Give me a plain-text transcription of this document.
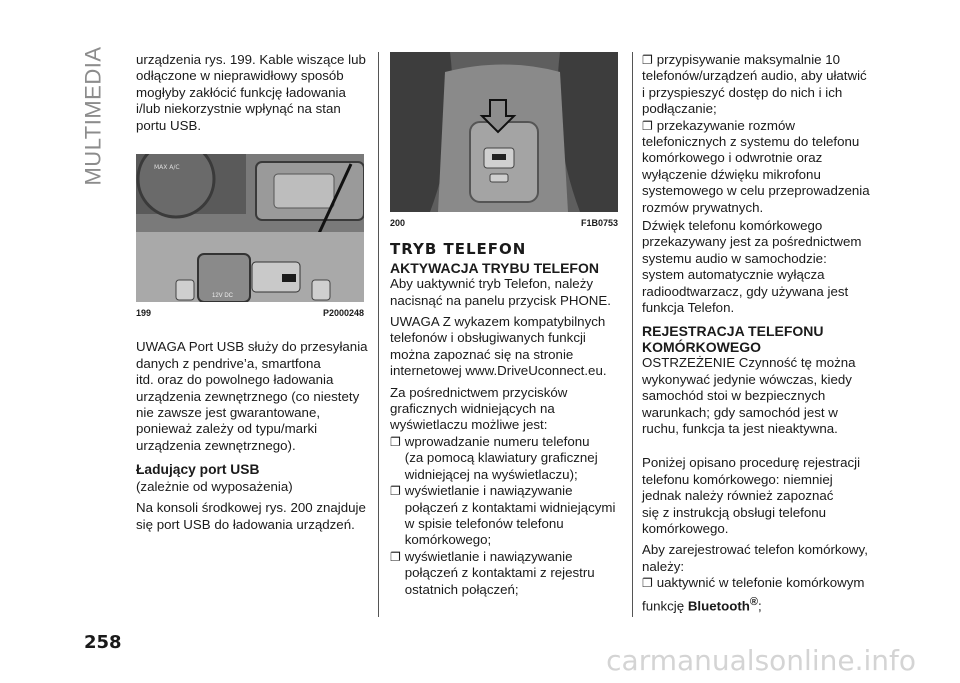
MULTIMEDIA urządzenia rys. 199. Kable wiszące lub
odłączone w nieprawidłowy sposób
mogłyby zakłócić funkcję ładowania
i/lub niekorzystnie wpłynąć na stan
portu USB.

MAX A/C
12V DC
199	P2000248

UWAGA Port USB służy do przesyłania
danych z pendrive’a, smartfona
itd. oraz do powolnego ładowania
urządzenia zewnętrznego (co niestety
nie zawsze jest gwarantowane,
ponieważ zależy od typu/marki
urządzenia zewnętrznego).

Ładujący port USB

(zależnie od wyposażenia)

Na konsoli środkowej rys. 200 znajduje
się port USB do ładowania urządzeń.

200	F1B0753
TRYB TELEFON
AKTYWACJA TRYBU TELEFON

Aby uaktywnić tryb Telefon, należy
nacisnąć na panelu przycisk PHONE.

UWAGA Z wykazem kompatybilnych
telefonów i obsługiwanych funkcji
można zapoznać się na stronie
internetowej www.DriveUconnect.eu.

Za pośrednictwem przycisków
graficznych widniejących na
wyświetlaczu możliwe jest:

❐ wprowadzanie numeru telefonu
(za pomocą klawiatury graficznej
widniejącej na wyświetlaczu);
❐ wyświetlanie i nawiązywanie
połączeń z kontaktami widniejącymi
w spisie telefonów telefonu
komórkowego;
❐ wyświetlanie i nawiązywanie
połączeń z kontaktami z rejestru
ostatnich połączeń;
❐ przypisywanie maksymalnie 10

telefonów/urządzeń audio, aby ułatwić
i przyspieszyć dostęp do nich i ich
podłączanie;

❐ przekazywanie rozmów

telefonicznych z systemu do telefonu
komórkowego i odwrotnie oraz
wyłączenie dźwięku mikrofonu
systemowego w celu przeprowadzenia
rozmów prywatnych.

Dźwięk telefonu komórkowego
przekazywany jest za pośrednictwem
systemu audio w samochodzie:
system automatycznie wyłącza
radioodtwarzacz, gdy używana jest
funkcja Telefon.

REJESTRACJA TELEFONU
KOMÓRKOWEGO

OSTRZEŻENIE Czynność tę można
wykonywać jedynie wówczas, kiedy
samochód stoi w bezpiecznych
warunkach; gdy samochód jest w
ruchu, funkcja ta jest nieaktywna.

Poniżej opisano procedurę rejestracji
telefonu komórkowego: niemniej
jednak należy również zapoznać
się z instrukcją obsługi telefonu
komórkowego.

Aby zarejestrować telefon komórkowy,
należy:

❐ uaktywnić w telefonie komórkowym

funkcję Bluetooth®;

258
carmanualsonline.info
